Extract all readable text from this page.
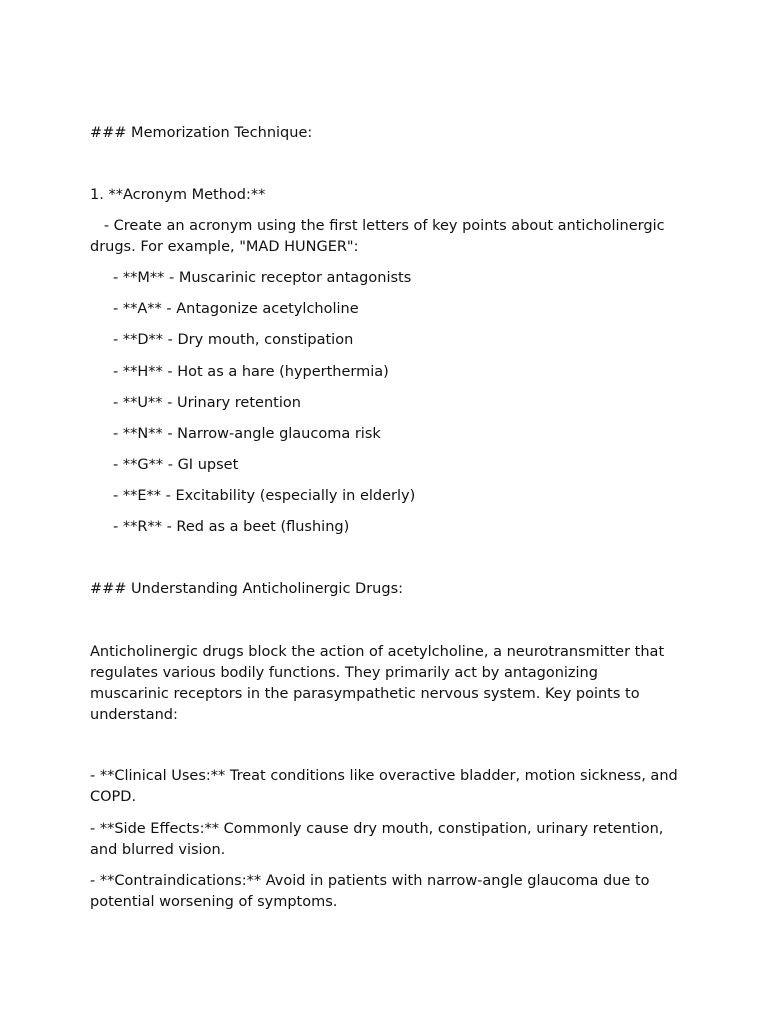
### Memorization Technique:
1. **Acronym Method:**
- Create an acronym using the first letters of key points about anticholinergic drugs. For example, "MAD HUNGER":
- **M** - Muscarinic receptor antagonists
- **A** - Antagonize acetylcholine
- **D** - Dry mouth, constipation
- **H** - Hot as a hare (hyperthermia)
- **U** - Urinary retention
- **N** - Narrow-angle glaucoma risk
- **G** - GI upset
- **E** - Excitability (especially in elderly)
- **R** - Red as a beet (flushing)
### Understanding Anticholinergic Drugs:
Anticholinergic drugs block the action of acetylcholine, a neurotransmitter that regulates various bodily functions. They primarily act by antagonizing muscarinic receptors in the parasympathetic nervous system. Key points to understand:
- **Clinical Uses:** Treat conditions like overactive bladder, motion sickness, and COPD.
- **Side Effects:** Commonly cause dry mouth, constipation, urinary retention, and blurred vision.
- **Contraindications:** Avoid in patients with narrow-angle glaucoma due to potential worsening of symptoms.
